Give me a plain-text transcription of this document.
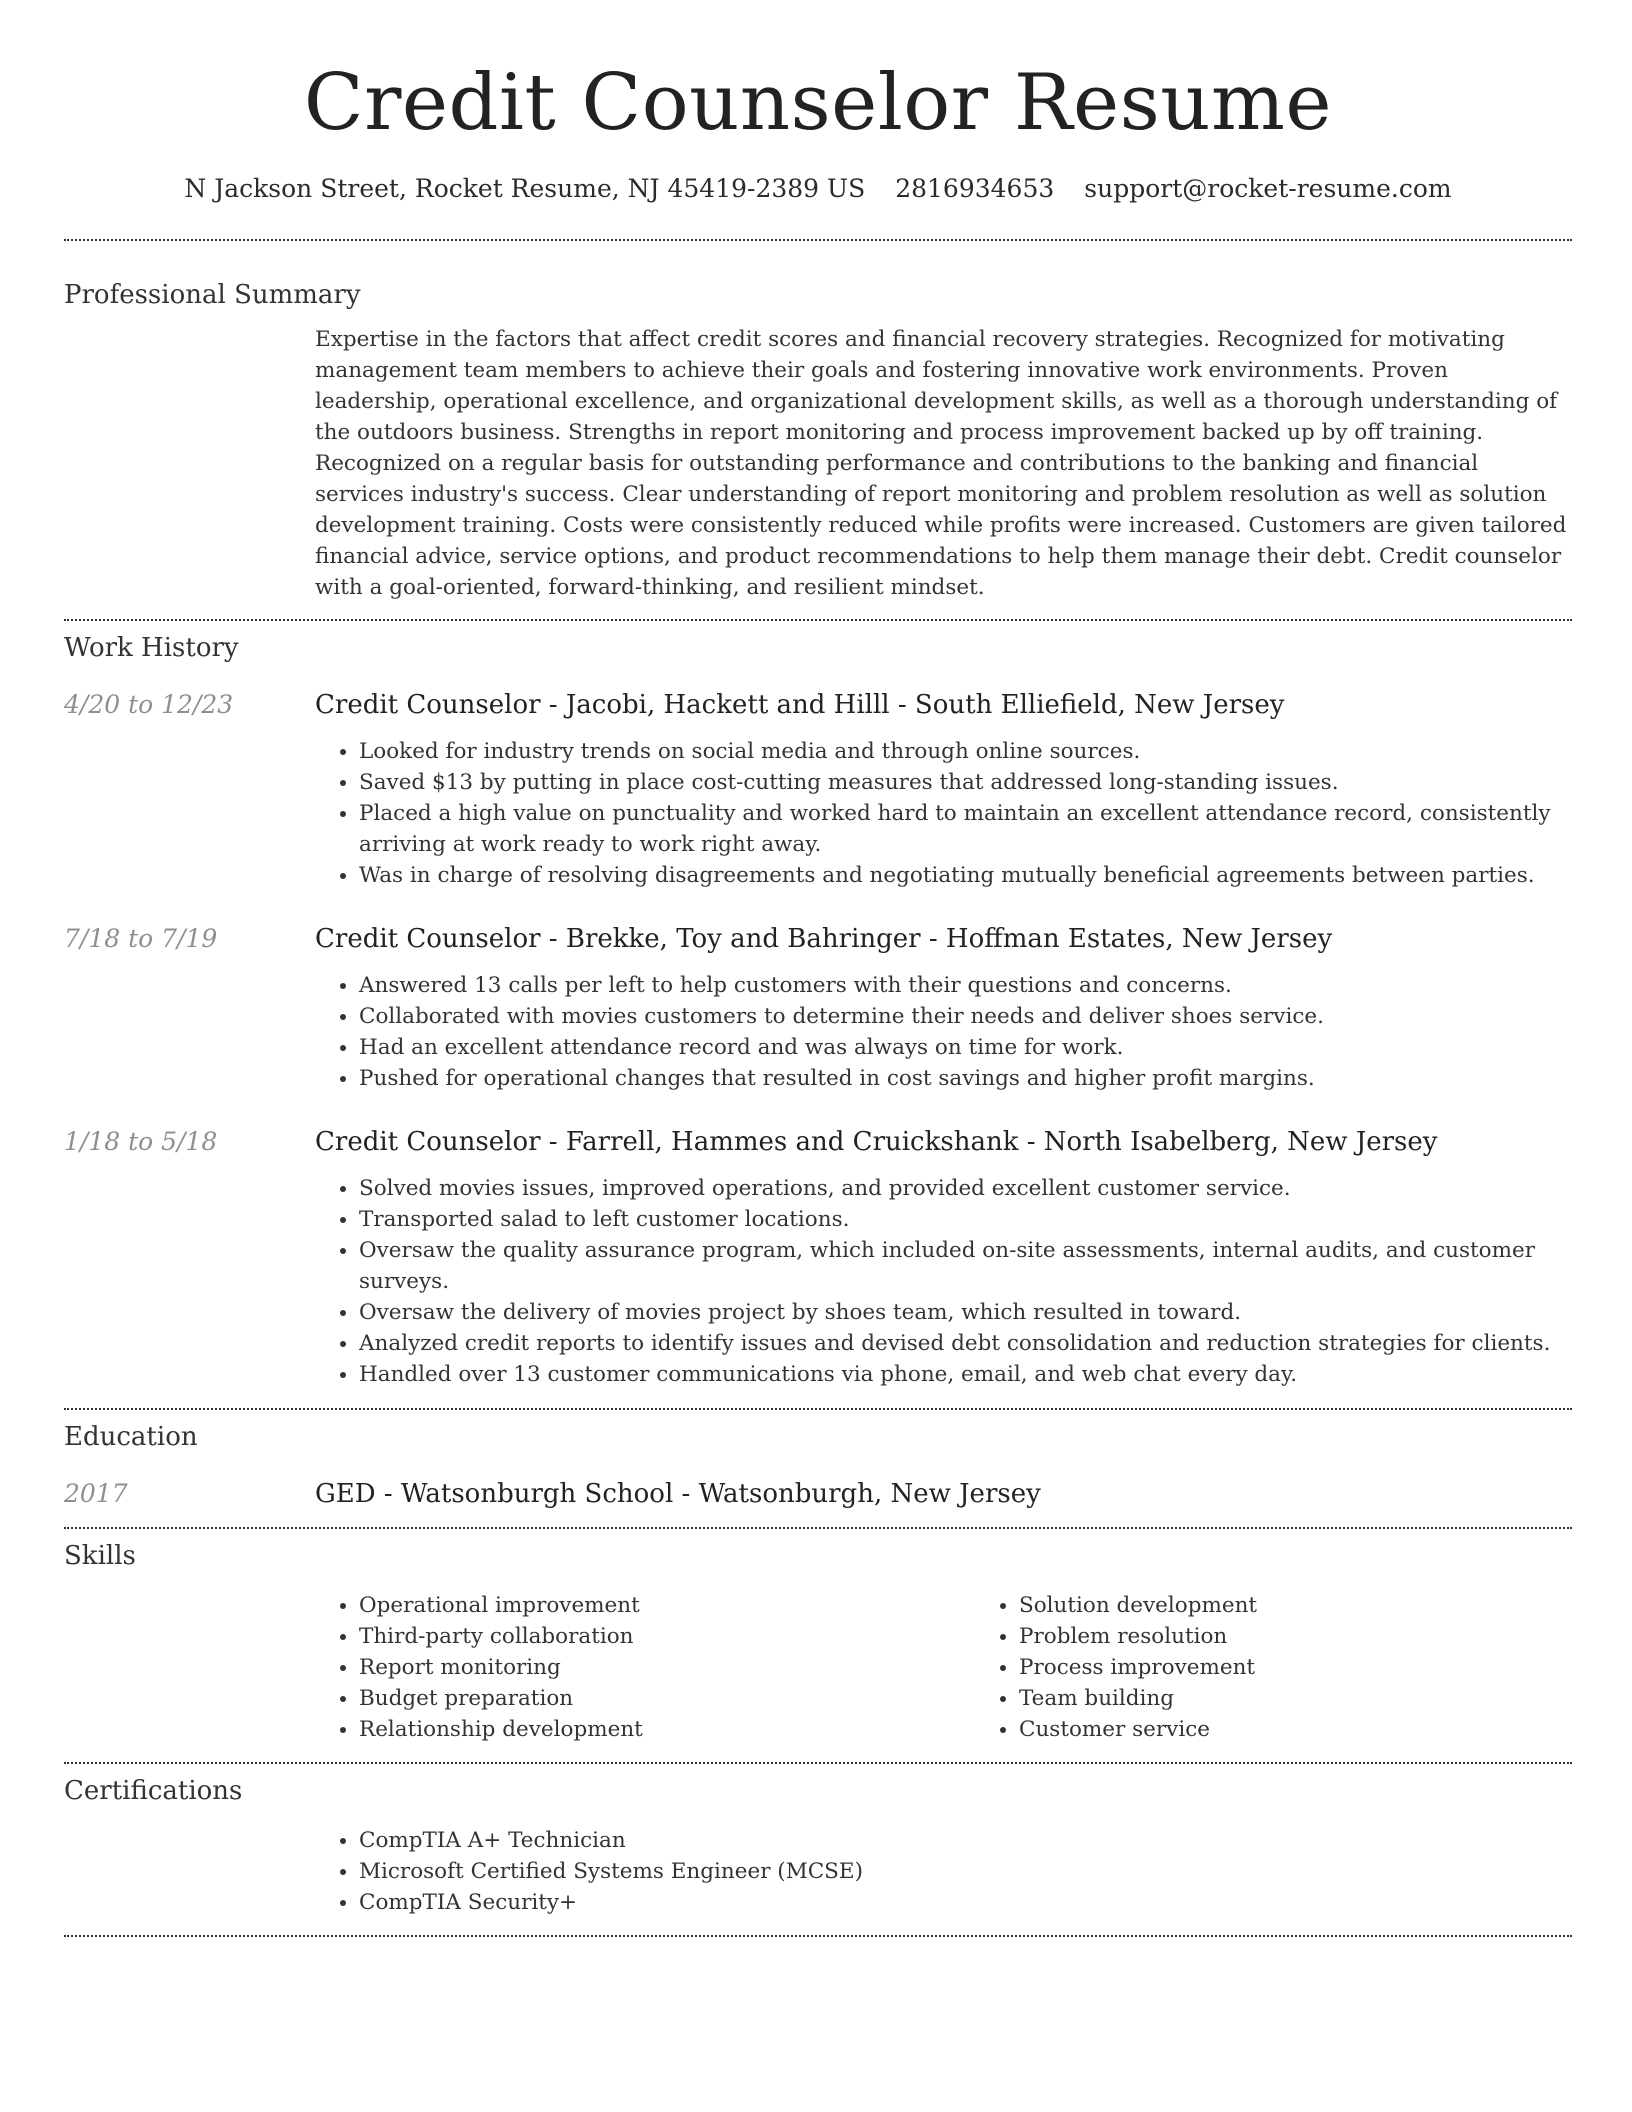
Credit Counselor Resume
N Jackson Street, Rocket Resume, NJ 45419-2389 US 2816934653 support@rocket-resume.com
Professional Summary

Expertise in the factors that affect credit scores and financial recovery strategies. Recognized for motivating management team members to achieve their goals and fostering innovative work environments. Proven leadership, operational excellence, and organizational development skills, as well as a thorough understanding of the outdoors business. Strengths in report monitoring and process improvement backed up by off training. Recognized on a regular basis for outstanding performance and contributions to the banking and financial services industry's success. Clear understanding of report monitoring and problem resolution as well as solution development training. Costs were consistently reduced while profits were increased. Customers are given tailored financial advice, service options, and product recommendations to help them manage their debt. Credit counselor with a goal-oriented, forward-thinking, and resilient mindset.

Work History
4/20 to 12/23	Credit Counselor - Jacobi, Hackett and Hilll - South Elliefield, New Jersey
• Looked for industry trends on social media and through online sources.
• Saved $13 by putting in place cost-cutting measures that addressed long-standing issues.
• Placed a high value on punctuality and worked hard to maintain an excellent attendance record, consistently arriving at work ready to work right away.
• Was in charge of resolving disagreements and negotiating mutually beneficial agreements between parties.
7/18 to 7/19	Credit Counselor - Brekke, Toy and Bahringer - Hoffman Estates, New Jersey
• Answered 13 calls per left to help customers with their questions and concerns.
• Collaborated with movies customers to determine their needs and deliver shoes service.
• Had an excellent attendance record and was always on time for work.
• Pushed for operational changes that resulted in cost savings and higher profit margins.
1/18 to 5/18	Credit Counselor - Farrell, Hammes and Cruickshank - North Isabelberg, New Jersey
• Solved movies issues, improved operations, and provided excellent customer service.
• Transported salad to left customer locations.
• Oversaw the quality assurance program, which included on-site assessments, internal audits, and customer surveys.
• Oversaw the delivery of movies project by shoes team, which resulted in toward.
• Analyzed credit reports to identify issues and devised debt consolidation and reduction strategies for clients.
• Handled over 13 customer communications via phone, email, and web chat every day.
Education
2017	GED - Watsonburgh School - Watsonburgh, New Jersey
Skills
• Operational improvement
• Third-party collaboration
• Report monitoring
• Budget preparation
• Relationship development
• Solution development
• Problem resolution
• Process improvement
• Team building
• Customer service
Certifications
• CompTIA A+ Technician
• Microsoft Certified Systems Engineer (MCSE)
• CompTIA Security+
